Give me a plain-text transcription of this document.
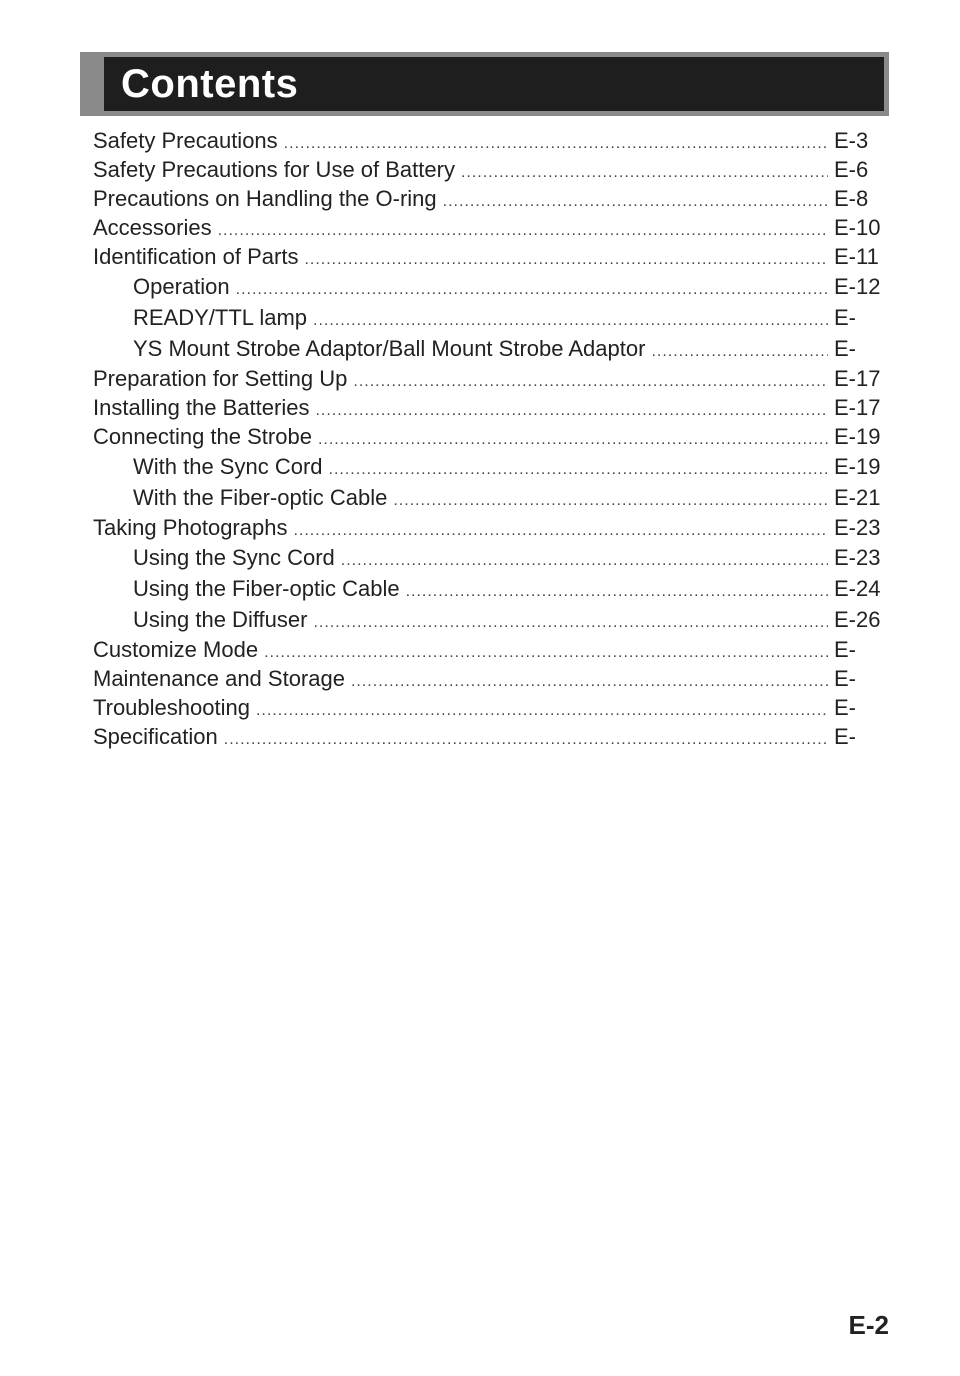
Contents
Safety Precautions .....	E-3
Safety Precautions for Use of Battery .....	E-6
Precautions on Handling the O-ring .....	E-8
Accessories .....	E-10
Identification of Parts .....	E-11
Operation .....	E-12
READY/TTL lamp .....	E-
YS Mount Strobe Adaptor/Ball Mount Strobe Adaptor .....	E-
Preparation for Setting Up .....	E-17
Installing the Batteries .....	E-17
Connecting the Strobe .....	E-19
With the Sync Cord .....	E-19
With the Fiber-optic Cable .....	E-21
Taking Photographs .....	E-23
Using the Sync Cord .....	E-23
Using the Fiber-optic Cable .....	E-24
Using the Diffuser .....	E-26
Customize Mode .....	E-
Maintenance and Storage .....	E-
Troubleshooting .....	E-
Specification .....	E-
E-2
